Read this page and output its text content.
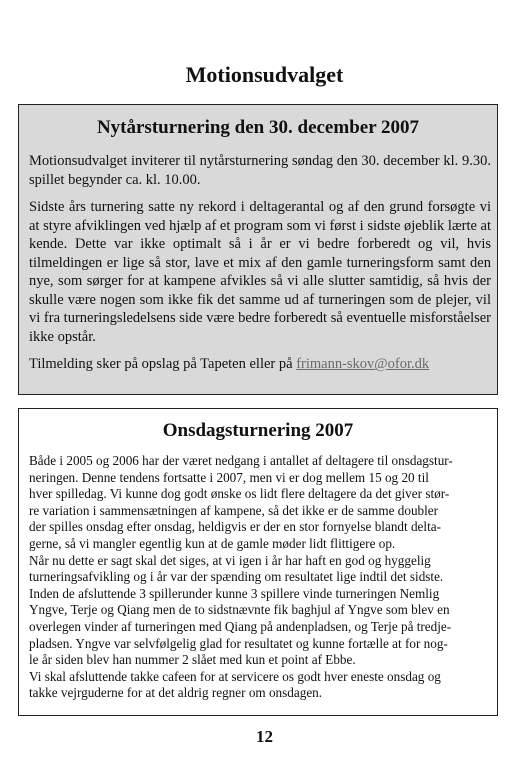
Motionsudvalget
Nytårsturnering den 30. december 2007

Motionsudvalget inviterer til nytårsturnering søndag den 30. december kl. 9.30. spillet begynder ca. kl. 10.00.

Sidste års turnering satte ny rekord i deltagerantal og af den grund forsøgte vi at styre afviklingen ved hjælp af et program som vi først i sidste øjeblik lærte at kende. Dette var ikke optimalt så i år er vi bedre forberedt og vil, hvis tilmeldingen er lige så stor, lave et mix af den gamle turneringsform samt den nye, som sørger for at kampene afvikles så vi alle slutter samtidig, så hvis der skulle være nogen som ikke fik det samme ud af turneringen som de plejer, vil vi fra turneringsledelsens side være bedre forberedt så eventuelle misforståelser ikke opstår.

Tilmelding sker på opslag på Tapeten eller på frimann-skov@ofor.dk

Onsdagsturnering 2007
Både i 2005 og 2006 har der været nedgang i antallet af deltagere til onsdagstur-
neringen. Denne tendens fortsatte i 2007, men vi er dog mellem 15 og 20 til
hver spilledag. Vi kunne dog godt ønske os lidt flere deltagere da det giver stør-
re variation i sammensætningen af kampene, så det ikke er de samme doubler
der spilles onsdag efter onsdag, heldigvis er der en stor fornyelse blandt delta-
gerne, så vi mangler egentlig kun at de gamle møder lidt flittigere op.
Når nu dette er sagt skal det siges, at vi igen i år har haft en god og hyggelig
turneringsafvikling og i år var der spænding om resultatet lige indtil det sidste.
Inden de afsluttende 3 spillerunder kunne 3 spillere vinde turneringen Nemlig
Yngve, Terje og Qiang men de to sidstnævnte fik baghjul af Yngve som blev en
overlegen vinder af turneringen med Qiang på andenpladsen, og Terje på tredje-
pladsen. Yngve var selvfølgelig glad for resultatet og kunne fortælle at for nog-
le år siden blev han nummer 2 slået med kun et point af Ebbe.
Vi skal afsluttende takke cafeen for at servicere os godt hver eneste onsdag og
takke vejrguderne for at det aldrig regner om onsdagen.
12
